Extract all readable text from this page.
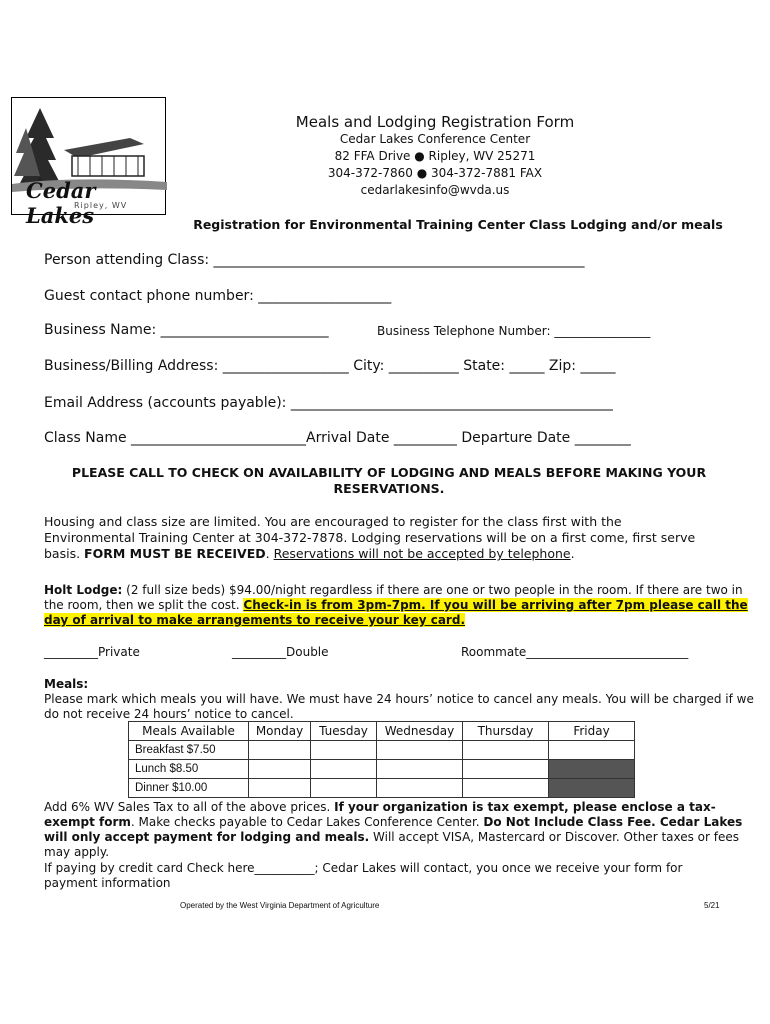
Cedar Lakes
Ripley, WV
Meals and Lodging Registration Form
Cedar Lakes Conference Center
82 FFA Drive ● Ripley, WV 25271
304-372-7860 ● 304-372-7881 FAX
cedarlakesinfo@wvda.us
Registration for Environmental Training Center Class Lodging and/or meals
Person attending Class: _____________________________________________________
Guest contact phone number: ___________________
Business Name: ________________________	Business Telephone Number: ________________
Business/Billing Address: __________________ City: __________ State: _____ Zip: _____
Email Address (accounts payable): ______________________________________________
Class Name _________________________Arrival Date _________ Departure Date ________
PLEASE CALL TO CHECK ON AVAILABILITY OF LODGING AND MEALS BEFORE MAKING YOUR
RESERVATIONS.
Housing and class size are limited. You are encouraged to register for the class first with the
Environmental Training Center at 304-372-7878. Lodging reservations will be on a first come, first serve
basis. FORM MUST BE RECEIVED. Reservations will not be accepted by telephone.
Holt Lodge: (2 full size beds) $94.00/night regardless if there are one or two people in the room. If there are two in
the room, then we split the cost. Check-in is from 3pm-7pm. If you will be arriving after 7pm please call the
day of arrival to make arrangements to receive your key card.
_________Private	_________Double	Roommate___________________________
Meals:
Please mark which meals you will have. We must have 24 hours’ notice to cancel any meals. You will be charged if we
do not receive 24 hours’ notice to cancel.
Meals Available	Monday	Tuesday	Wednesday	Thursday	Friday
Breakfast $7.50					
Lunch $8.50					
Dinner $10.00					
Add 6% WV Sales Tax to all of the above prices. If your organization is tax exempt, please enclose a tax-
exempt form. Make checks payable to Cedar Lakes Conference Center. Do Not Include Class Fee. Cedar Lakes
will only accept payment for lodging and meals. Will accept VISA, Mastercard or Discover. Other taxes or fees
may apply.
If paying by credit card Check here__________; Cedar Lakes will contact, you once we receive your form for
payment information
Operated by the West Virginia Department of Agriculture	5/21
